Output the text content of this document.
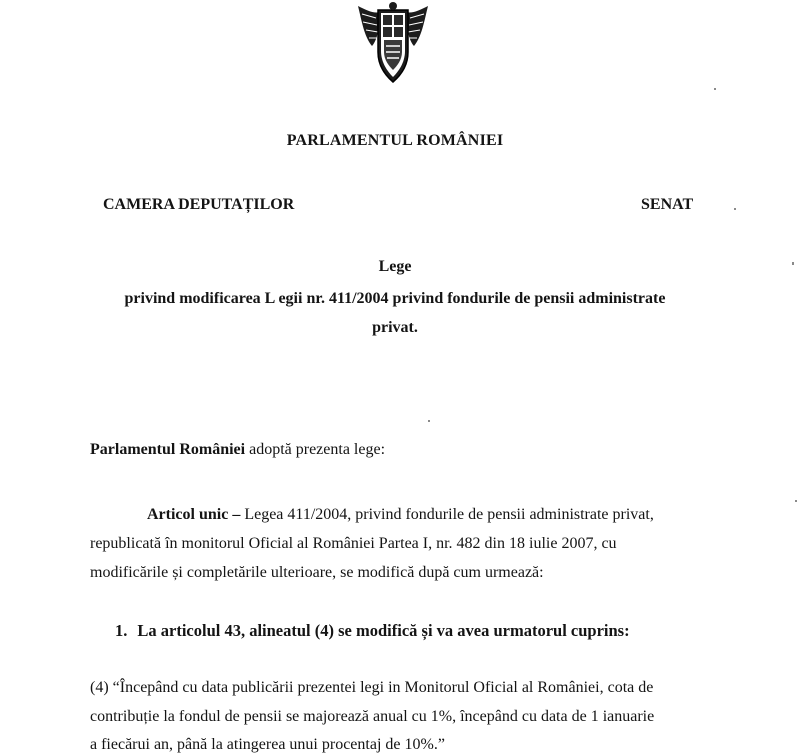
PARLAMENTUL ROMÂNIEI
CAMERA DEPUTAȚILOR	SENAT
Lege
privind modificarea L egii nr. 411/2004 privind fondurile de pensii administrate
privat.
Parlamentul României adoptă prezenta lege:
Articol unic – Legea 411/2004, privind fondurile de pensii administrate privat,
republicată în monitorul Oficial al României Partea I, nr. 482 din 18 iulie 2007, cu
modificările și completările ulterioare, se modifică după cum urmează:
1. La articolul 43, alineatul (4) se modifică și va avea urmatorul cuprins:
(4) “Începând cu data publicării prezentei legi in Monitorul Oficial al României, cota de
contribuție la fondul de pensii se majorează anual cu 1%, începând cu data de 1 ianuarie
a fiecărui an, până la atingerea unui procentaj de 10%.”
